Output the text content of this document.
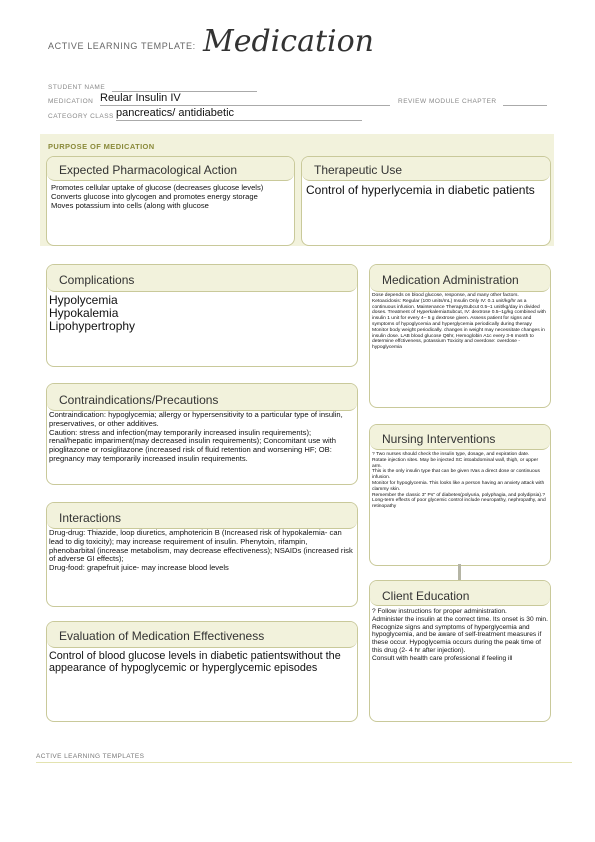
ACTIVE LEARNING TEMPLATE: Medication
STUDENT NAME
MEDICATION Reular Insulin IV	REVIEW MODULE CHAPTER
CATEGORY CLASS pancreatics/ antidiabetic
PURPOSE OF MEDICATION
Expected Pharmacological Action
Promotes cellular uptake of glucose (decreases glucose levels)
Converts glucose into glycogen and promotes energy storage
Moves potassium into cells (along with glucose
Therapeutic Use
Control of hyperlycemia in diabetic patients
Complications
Hypolycemia
Hypokalemia
Lipohypertrophy
Medication Administration
Dose depends on blood glucose, response, and many other factors. Ketoacidosis: Regular (100 units/mL) Insulin Only IV: 0.1 unit/kg/hr as a continuous infusion. Maintenance TherapySubcut 0.5–1 unit/kg/day in divided doses. Treatment of HyperkalemiaSubcut, IV: dextrose 0.5–1g/kg combined with insulin 1 unit for every 4– 5 g dextrose given. Assess patient for signs and symptoms of hypoglycemia and hyperglycemia periodically during therapy Monitor body weight periodically. changes in weight may necessitate changes in insulin dose. LAB blood glucose Q6hr, Hemoglobin A1c every 3-6 month to determine effctiveness, potassium Toxicity and overdose: overdose - hypoglycemia
Contraindications/Precautions
Contraindication: hypoglycemia; allergy or hypersensitivity to a particular type of insulin, preservatives, or other additives.
Caution: stress and infection(may temporarily increased insulin requirements); renal/hepatic impariment(may decreased insulin requirements); Concomitant use with pioglitazone or rosiglitazone (increased risk of fluid retention and worsening HF; OB: pregnancy may temporarily increased insulin requirements.
Nursing Interventions
? Two nurses should check the insulin type, dosage, and expiration date.
Rotate injection sites. May be injected SC intoabdominal wall, thigh, or upper arm.
This is the only insulin type that can be given IVas a direct dose or continuous infusion.
Monitor for hypoglycemia. This looks like a person having an anxiety attack with clammy skin.
Remember the classic 3" Ps" of diabetes(polyuria, polyphagia, and polydipsia).?
Long-term effects of poor glycemic control include neuropathy, nephropathy, and retinopathy
Interactions
Drug-drug: Thiazide, loop diuretics, amphotericin B (Increased risk of hypokalemia- can lead to dig toxicity); may increase requirement of insulin. Phenytoin, rifampin, phenobarbital (increase metabolism, may decrease effectiveness); NSAIDs (increased risk of adverse GI effects);
Drug-food: grapefruit juice- may increase blood levels
Client Education
? Follow instructions for proper administration.
Administer the insulin at the correct time. Its onset is 30 min.
Recognize signs and symptoms of hyperglycemia and hypoglycemia, and be aware of self-treatment measures if these occur. Hypoglycemia occurs during the peak time of this drug (2- 4 hr after injection).
Consult with health care professional if feeling ill
Evaluation of Medication Effectiveness
Control of blood glucose levels in diabetic patientswithout the appearance of hypoglycemic or hyperglycemic episodes
ACTIVE LEARNING TEMPLATES
